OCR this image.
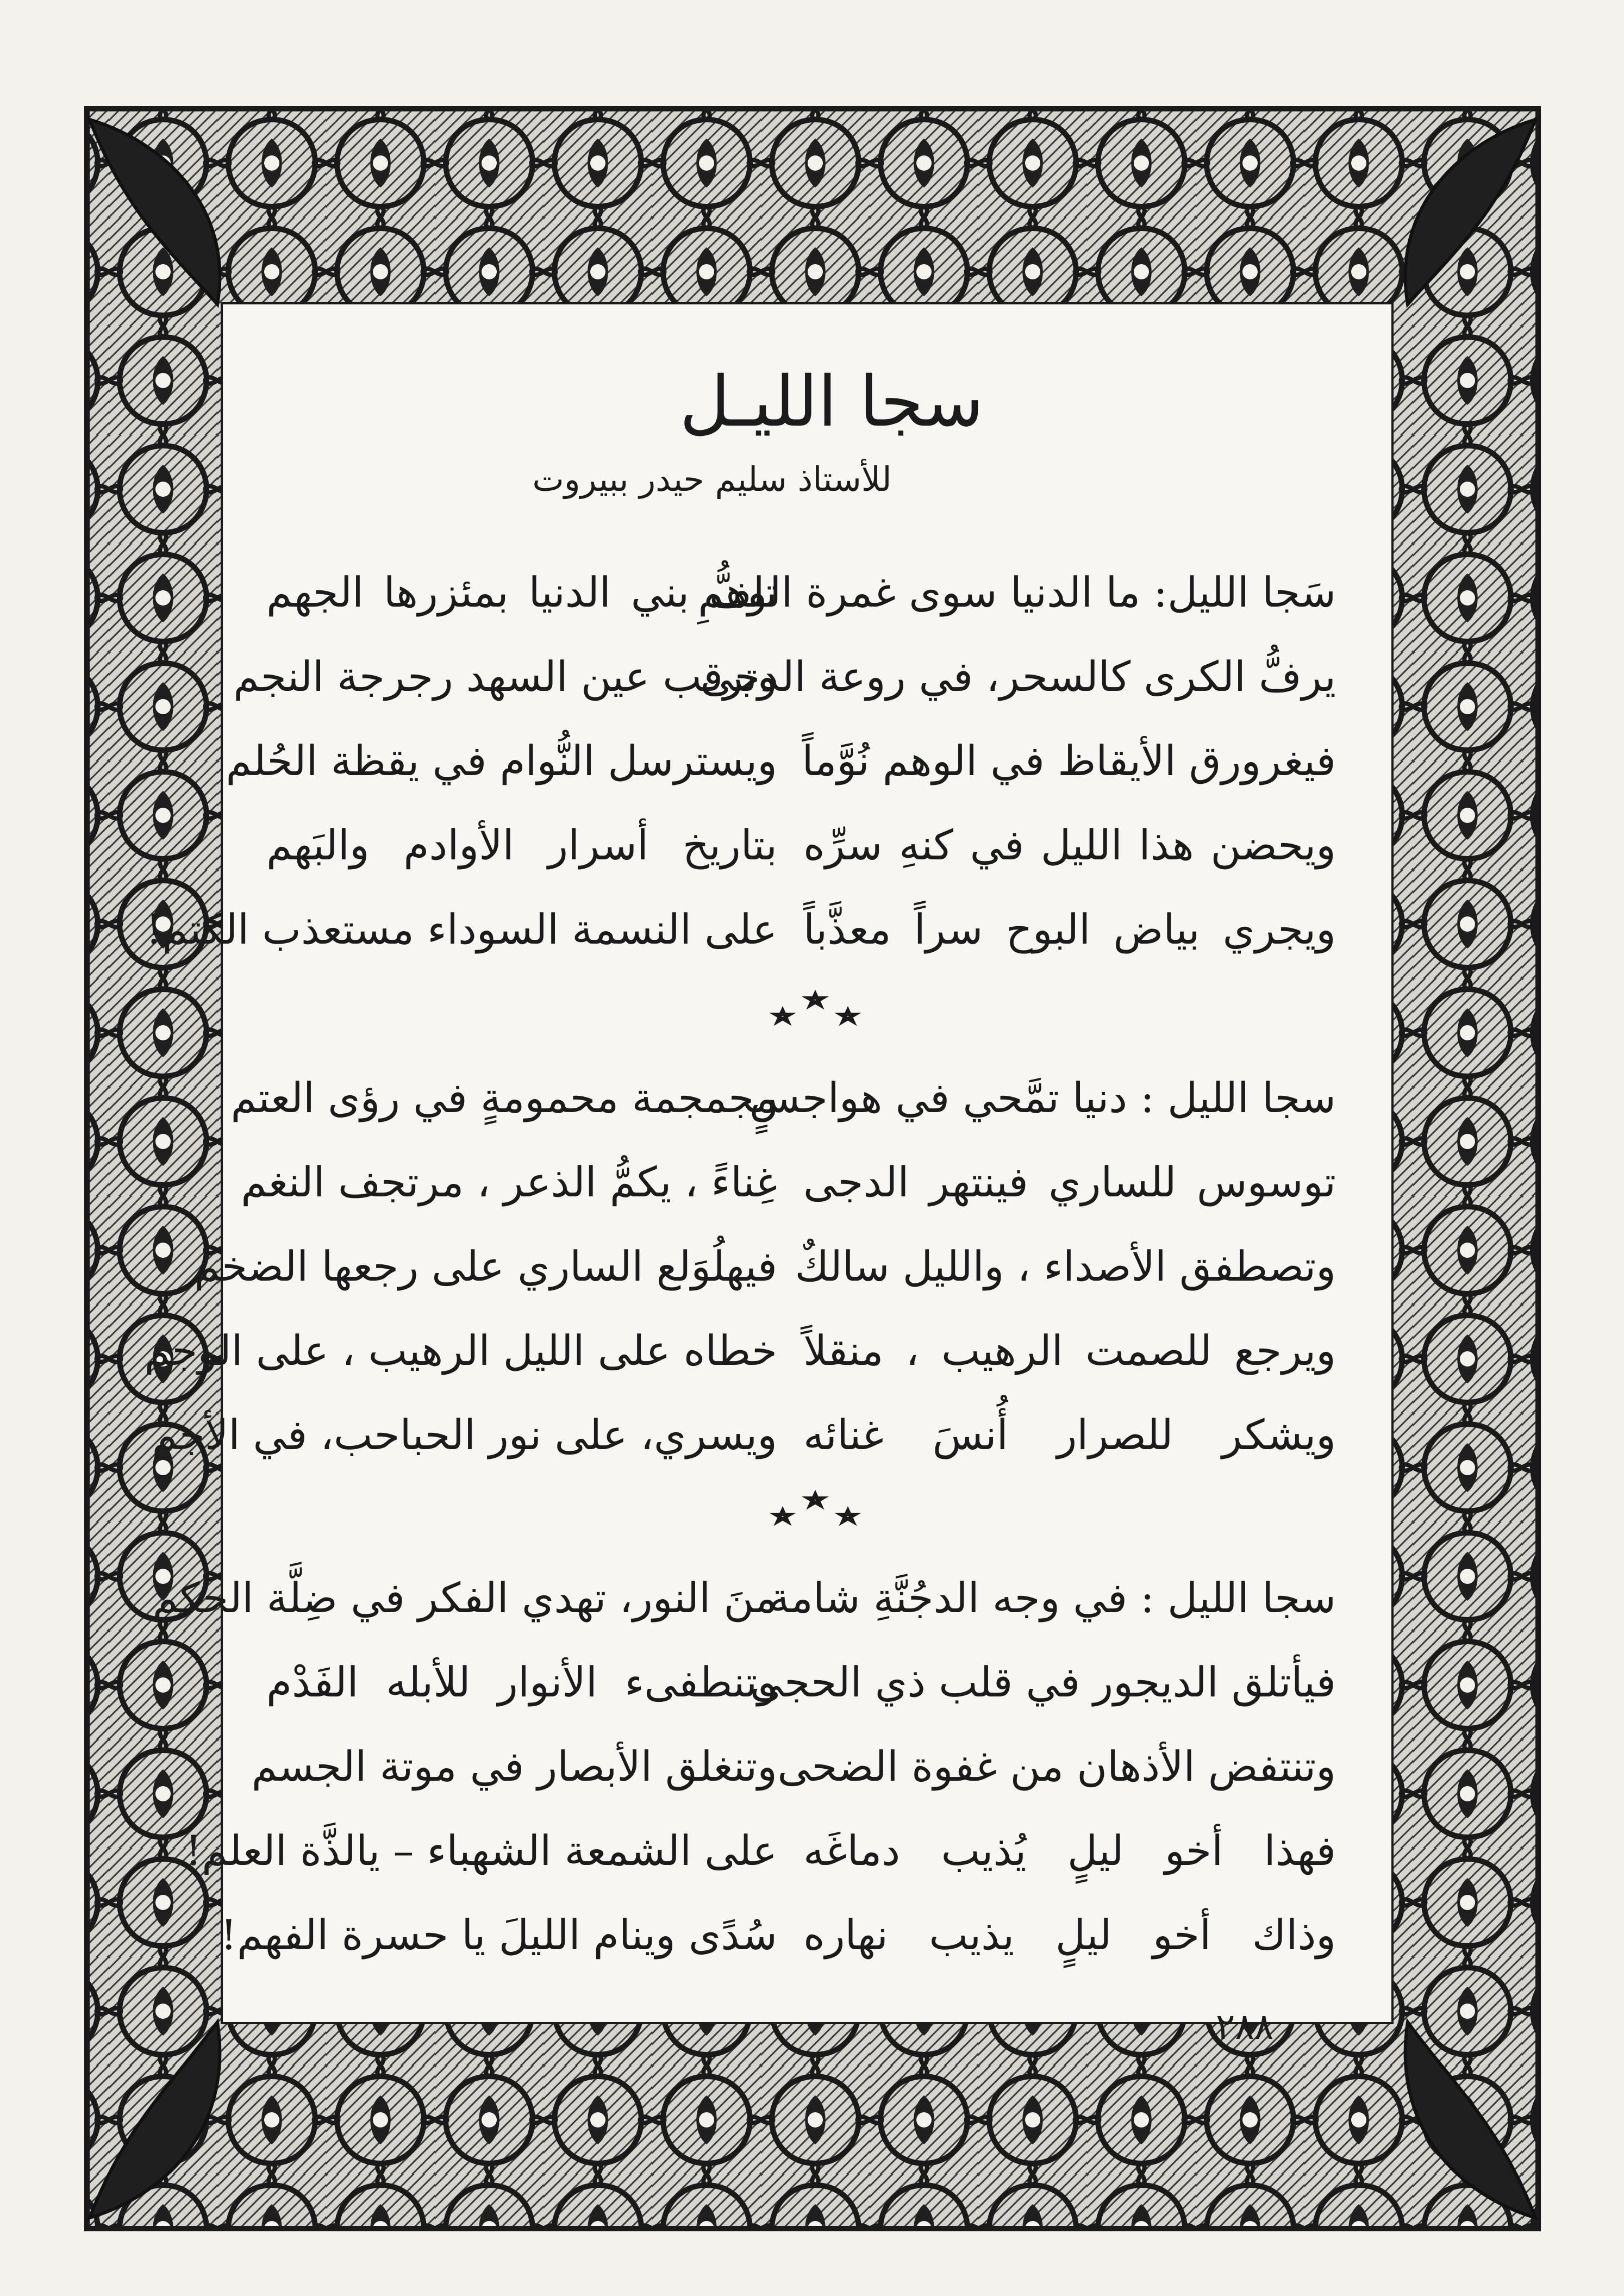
سجا الليـل
للأستاذ سليم حيدر ببيروت
سَجا الليل: ما الدنيا سوى غمرة الوهمِ
تلفُّ بني الدنيا بمئزرها الجهم
يرفُّ الكرى كالسحر، في روعة الدجى
وترقب عين السهد رجرجة النجم
فيغرورق الأيقاظ في الوهم نُوَّماً
ويسترسل النُّوام في يقظة الحُلم
ويحضن هذا الليل في كنهِ سرِّه
بتاريخ أسرار الأوادم والبَهم
ويجري بياض البوح سراً معذَّباً
على النسمة السوداء مستعذب الكتم!
سجا الليل : دنيا تمَّحي في هواجسٍ
مجمجمة محمومةٍ في رؤى العتم
توسوس للساري فينتهر الدجى
غِناءً ، يكمُّ الذعر ، مرتجف النغم
وتصطفق الأصداء ، والليل سالكٌ
فيهلُوَلع الساري على رجعها الضخم
ويرجع للصمت الرهيب ، منقلاً
خطاه على الليل الرهيب ، على الوجم
ويشكر للصرار أُنسَ غنائه
ويسري، على نور الحباحب، في الأجم
سجا الليل : في وجه الدجُنَّةِ شامة
منَ النور، تهدي الفكر في ضِلَّة الحكم
فيأتلق الديجور في قلب ذي الحجى
وتنطفىء الأنوار للأبله الفَدْم
وتنتفض الأذهان من غفوة الضحى
وتنغلق الأبصار في موتة الجسم
فهذا أخو ليلٍ يُذيب دماغَه
على الشمعة الشهباء – يالذَّة العلم!
وذاك أخو ليلٍ يذيب نهاره
سُدًى وينام الليلَ يا حسرة الفهم!
٢٨٨
